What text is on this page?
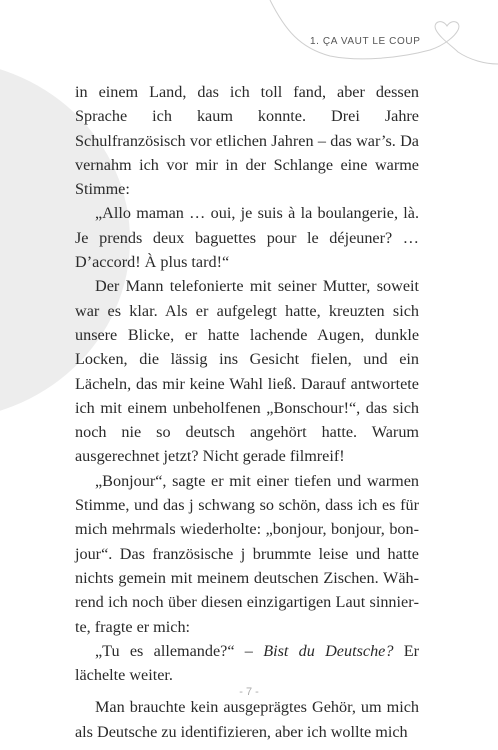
1. ÇA VAUT LE COUP

in einem Land, das ich toll fand, aber dessen Sprache ich kaum konnte. Drei Jahre Schulfranzösisch vor etlichen Jahren – das war’s. Da vernahm ich vor mir in der Schlange eine warme Stimme:

„Allo maman … oui, je suis à la boulangerie, là. Je prends deux baguettes pour le déjeuner? … D’accord! À plus tard!“

Der Mann telefonierte mit seiner Mutter, soweit war es klar. Als er aufgelegt hatte, kreuzten sich unsere Blicke, er hatte lachende Augen, dunkle Locken, die lässig ins Gesicht fielen, und ein Lächeln, das mir keine Wahl ließ. Darauf antwortete ich mit einem unbeholfenen „Bonschour!“, das sich noch nie so deutsch angehört hatte. Warum ausgerechnet jetzt? Nicht gerade filmreif!

„Bonjour“, sagte er mit einer tiefen und warmen Stimme, und das j schwang so schön, dass ich es für mich mehrmals wiederholte: „bonjour, bonjour, bonjour“. Das französische j brummte leise und hatte nichts gemein mit meinem deutschen Zischen. Während ich noch über diesen einzigartigen Laut sinnierte, fragte er mich:

„Tu es allemande?“ – Bist du Deutsche? Er lächelte weiter.

Man brauchte kein ausgeprägtes Gehör, um mich als Deutsche zu identifizieren, aber ich wollte mich

- 7 -
